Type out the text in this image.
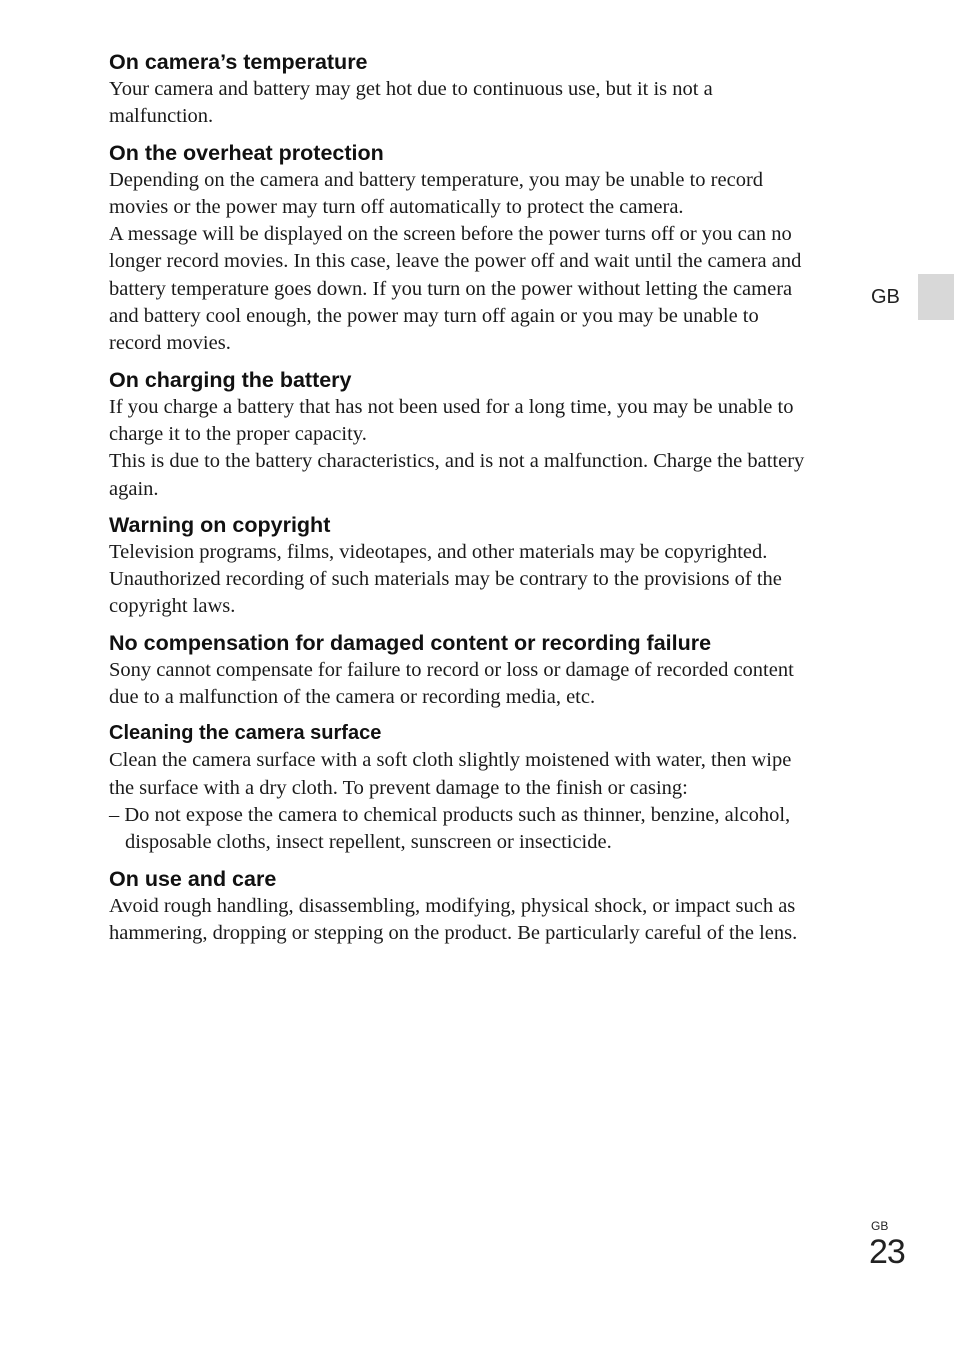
On camera’s temperature

Your camera and battery may get hot due to continuous use, but it is not a
malfunction.

On the overheat protection

Depending on the camera and battery temperature, you may be unable to record
movies or the power may turn off automatically to protect the camera.
A message will be displayed on the screen before the power turns off or you can no
longer record movies. In this case, leave the power off and wait until the camera and
battery temperature goes down. If you turn on the power without letting the camera
and battery cool enough, the power may turn off again or you may be unable to
record movies.

On charging the battery

If you charge a battery that has not been used for a long time, you may be unable to
charge it to the proper capacity.
This is due to the battery characteristics, and is not a malfunction. Charge the battery
again.

Warning on copyright

Television programs, films, videotapes, and other materials may be copyrighted.
Unauthorized recording of such materials may be contrary to the provisions of the
copyright laws.

No compensation for damaged content or recording failure

Sony cannot compensate for failure to record or loss or damage of recorded content
due to a malfunction of the camera or recording media, etc.

Cleaning the camera surface

Clean the camera surface with a soft cloth slightly moistened with water, then wipe
the surface with a dry cloth. To prevent damage to the finish or casing:

– Do not expose the camera to chemical products such as thinner, benzine, alcohol,
disposable cloths, insect repellent, sunscreen or insecticide.

On use and care

Avoid rough handling, disassembling, modifying, physical shock, or impact such as
hammering, dropping or stepping on the product. Be particularly careful of the lens.

GB
GB
23
